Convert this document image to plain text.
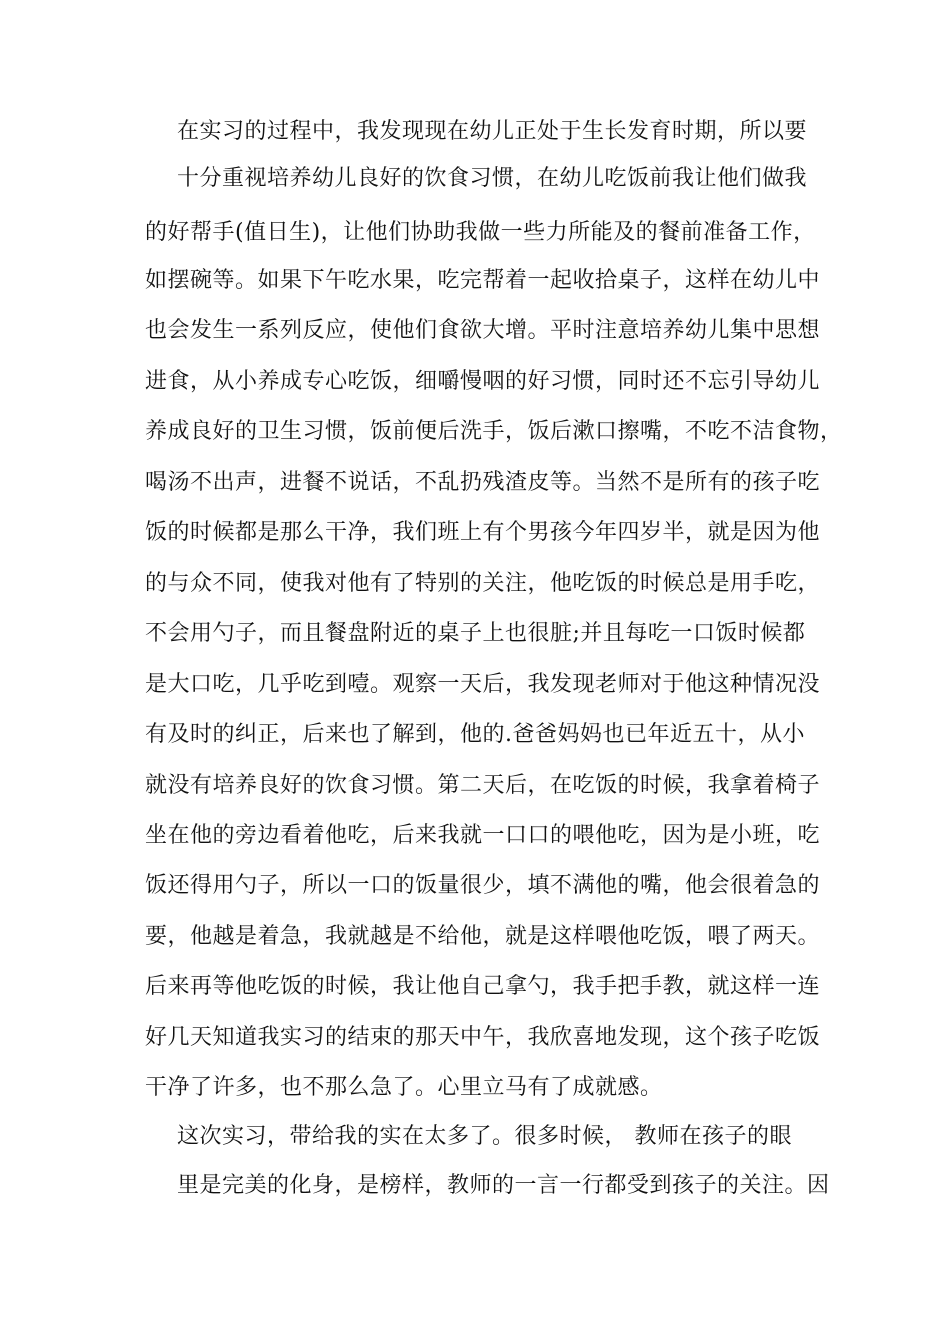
在实习的过程中，我发现现在幼儿正处于生长发育时期，所以要
十分重视培养幼儿良好的饮食习惯，在幼儿吃饭前我让他们做我
的好帮手(值日生)，让他们协助我做一些力所能及的餐前准备工作，
如摆碗等。如果下午吃水果，吃完帮着一起收拾桌子，这样在幼儿中
也会发生一系列反应，使他们食欲大增。平时注意培养幼儿集中思想
进食，从小养成专心吃饭，细嚼慢咽的好习惯，同时还不忘引导幼儿
养成良好的卫生习惯，饭前便后洗手，饭后漱口擦嘴，不吃不洁食物，
喝汤不出声，进餐不说话，不乱扔残渣皮等。当然不是所有的孩子吃
饭的时候都是那么干净，我们班上有个男孩今年四岁半，就是因为他
的与众不同，使我对他有了特别的关注，他吃饭的时候总是用手吃，
不会用勺子，而且餐盘附近的桌子上也很脏;并且每吃一口饭时候都
是大口吃，几乎吃到噎。观察一天后，我发现老师对于他这种情况没
有及时的纠正，后来也了解到，他的.爸爸妈妈也已年近五十，从小
就没有培养良好的饮食习惯。第二天后，在吃饭的时候，我拿着椅子
坐在他的旁边看着他吃，后来我就一口口的喂他吃，因为是小班，吃
饭还得用勺子，所以一口的饭量很少，填不满他的嘴，他会很着急的
要，他越是着急，我就越是不给他，就是这样喂他吃饭，喂了两天。
后来再等他吃饭的时候，我让他自己拿勺，我手把手教，就这样一连
好几天知道我实习的结束的那天中午，我欣喜地发现，这个孩子吃饭
干净了许多，也不那么急了。心里立马有了成就感。
这次实习，带给我的实在太多了。很多时候， 教师在孩子的眼
里是完美的化身，是榜样，教师的一言一行都受到孩子的关注。因
